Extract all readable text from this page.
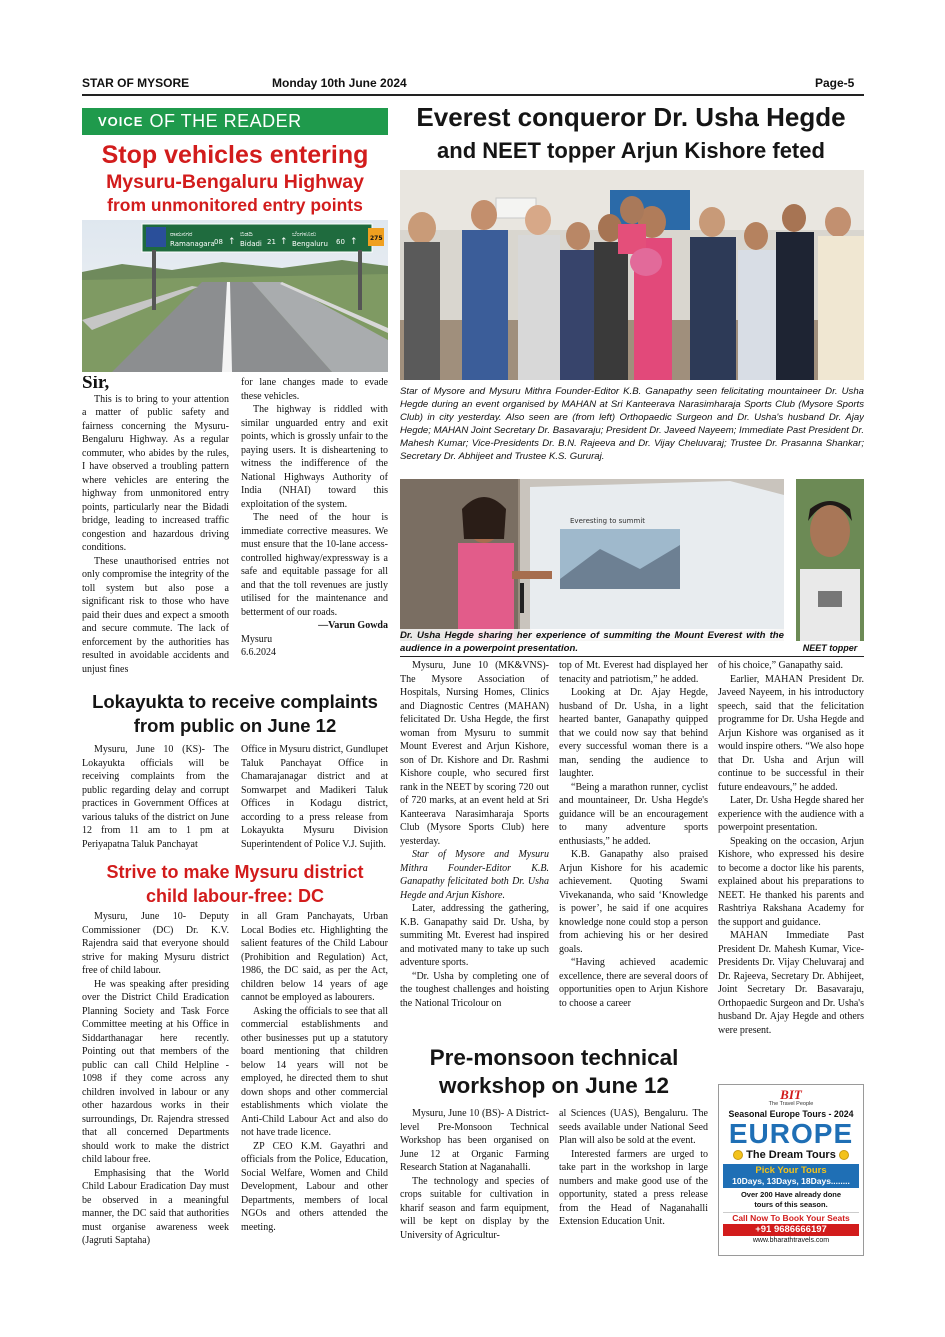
STAR OF MYSORE	Monday 10th June 2024	Page-5
VOICE OF THE READER
Stop vehicles entering
Mysuru-Bengaluru Highway
from unmonitored entry points
ರಾಮನಗರ
Ramanagara 08 ↑
ಬಿಡದಿ
Bidadi 21 ↑
ಬೆಂಗಳೂರು
Bengaluru 60 ↑ 275

Sir,

This is to bring to your attention a matter of public safety and fairness concerning the Mysuru-Bengaluru Highway. As a regular commuter, who abides by the rules, I have observed a troubling pattern where vehicles are entering the highway from unmonitored entry points, particularly near the Bidadi bridge, leading to increased traffic congestion and hazardous driving conditions.

These unauthorised entries not only compromise the integrity of the toll system but also pose a significant risk to those who have paid their dues and expect a smooth and secure commute. The lack of enforcement by the authorities has resulted in avoidable accidents and unjust fines

for lane changes made to evade these vehicles.

The highway is riddled with similar unguarded entry and exit points, which is grossly unfair to the paying users. It is disheartening to witness the indifference of the National Highways Authority of India (NHAI) toward this exploitation of the system.

The need of the hour is immediate corrective measures. We must ensure that the 10-lane access-controlled highway/expressway is a safe and equitable passage for all and that the toll revenues are justly utilised for the maintenance and betterment of our roads.

—Varun Gowda

Mysuru

6.6.2024

Lokayukta to receive complaints
from public on June 12

Mysuru, June 10 (KS)- The Lokayukta officials will be receiving complaints from the public regarding delay and corrupt practices in Government Offices at various taluks of the district on June 12 from 11 am to 1 pm at Periyapatna Taluk Panchayat

Office in Mysuru district, Gundlupet Taluk Panchayat Office in Chamarajanagar district and at Somwarpet and Madikeri Taluk Offices in Kodagu district, according to a press release from Lokayukta Mysuru Division Superintendent of Police V.J. Sujith.

Strive to make Mysuru district
child labour-free: DC

Mysuru, June 10- Deputy Commissioner (DC) Dr. K.V. Rajendra said that everyone should strive for making Mysuru district free of child labour.

He was speaking after presiding over the District Child Eradication Planning Society and Task Force Committee meeting at his Office in Siddarthanagar here recently. Pointing out that members of the public can call Child Helpline - 1098 if they come across any children involved in labour or any other hazardous works in their surroundings, Dr. Rajendra stressed that all concerned Departments should work to make the district child labour free.

Emphasising that the World Child Labour Eradication Day must be observed in a meaningful manner, the DC said that authorities must organise awareness week (Jagruti Saptaha)

in all Gram Panchayats, Urban Local Bodies etc. Highlighting the salient features of the Child Labour (Prohibition and Regulation) Act, 1986, the DC said, as per the Act, children below 14 years of age cannot be employed as labourers.

Asking the officials to see that all commercial establishments and other businesses put up a statutory board mentioning that children below 14 years will not be employed, he directed them to shut down shops and other commercial establishments which violate the Anti-Child Labour Act and also do not have trade licence.

ZP CEO K.M. Gayathri and officials from the Police, Education, Social Welfare, Women and Child Development, Labour and other Departments, members of local NGOs and others attended the meeting.

Everest conqueror Dr. Usha Hegde
and NEET topper Arjun Kishore feted
Star of Mysore and Mysuru Mithra Founder-Editor K.B. Ganapathy seen felicitating mountaineer Dr. Usha Hegde during an event organised by MAHAN at Sri Kanteerava Narasimharaja Sports Club (Mysore Sports Club) in city yesterday. Also seen are (from left) Orthopaedic Surgeon and Dr. Usha's husband Dr. Ajay Hegde; MAHAN Joint Secretary Dr. Basavaraju; President Dr. Javeed Nayeem; Immediate Past President Dr. Mahesh Kumar; Vice-Presidents Dr. B.N. Rajeeva and Dr. Vijay Cheluvaraj; Trustee Dr. Prasanna Shankar; Secretary Dr. Abhijeet and Trustee K.S. Gururaj.
Everesting to summit
Dr. Usha Hegde sharing her experience of summiting the Mount Everest with the audience in a powerpoint presentation.	NEET topper

Mysuru, June 10 (MK&VNS)- The Mysore Association of Hospitals, Nursing Homes, Clinics and Diagnostic Centres (MAHAN) felicitated Dr. Usha Hegde, the first woman from Mysuru to summit Mount Everest and Arjun Kishore, son of Dr. Kishore and Dr. Rashmi Kishore couple, who secured first rank in the NEET by scoring 720 out of 720 marks, at an event held at Sri Kanteerava Narasimharaja Sports Club (Mysore Sports Club) here yesterday.

Star of Mysore and Mysuru Mithra Founder-Editor K.B. Ganapathy felicitated both Dr. Usha Hegde and Arjun Kishore.

Later, addressing the gathering, K.B. Ganapathy said Dr. Usha, by summiting Mt. Everest had inspired and motivated many to take up such adventure sports.

“Dr. Usha by completing one of the toughest challenges and hoisting the National Tricolour on

top of Mt. Everest had displayed her tenacity and patriotism,” he added.

Looking at Dr. Ajay Hegde, husband of Dr. Usha, in a light hearted banter, Ganapathy quipped that we could now say that behind every successful woman there is a man, sending the audience to laughter.

“Being a marathon runner, cyclist and mountaineer, Dr. Usha Hegde's guidance will be an encouragement to many adventure sports enthusiasts,” he added.

K.B. Ganapathy also praised Arjun Kishore for his academic achievement. Quoting Swami Vivekananda, who said ‘Knowledge is power’, he said if one acquires knowledge none could stop a person from achieving his or her desired goals.

“Having achieved academic excellence, there are several doors of opportunities open to Arjun Kishore to choose a career

of his choice,” Ganapathy said.

Earlier, MAHAN President Dr. Javeed Nayeem, in his introductory speech, said that the felicitation programme for Dr. Usha Hegde and Arjun Kishore was organised as it would inspire others. “We also hope that Dr. Usha and Arjun will continue to be successful in their future endeavours,” he added.

Later, Dr. Usha Hegde shared her experience with the audience with a powerpoint presentation.

Speaking on the occasion, Arjun Kishore, who expressed his desire to become a doctor like his parents, explained about his preparations to NEET. He thanked his parents and Rashtriya Rakshana Academy for the support and guidance.

MAHAN Immediate Past President Dr. Mahesh Kumar, Vice-Presidents Dr. Vijay Cheluvaraj and Dr. Rajeeva, Secretary Dr. Abhijeet, Joint Secretary Dr. Basavaraju, Orthopaedic Surgeon and Dr. Usha's husband Dr. Ajay Hegde and others were present.

Pre-monsoon technical
workshop on June 12

Mysuru, June 10 (BS)- A District-level Pre-Monsoon Technical Workshop has been organised on June 12 at Organic Farming Research Station at Naganahalli.

The technology and species of crops suitable for cultivation in kharif season and farm equipment, will be kept on display by the University of Agricultur-

al Sciences (UAS), Bengaluru. The seeds available under National Seed Plan will also be sold at the event.

Interested farmers are urged to take part in the workshop in large numbers and make good use of the opportunity, stated a press release from the Head of Naganahalli Extension Education Unit.

BIT
The Travel People
Seasonal Europe Tours - 2024
EUROPE
The Dream Tours
Pick Your Tours
10Days, 13Days, 18Days........
Over 200 Have already done
tours of this season.
Call Now To Book Your Seats
+91 9686666197
www.bharathtravels.com
